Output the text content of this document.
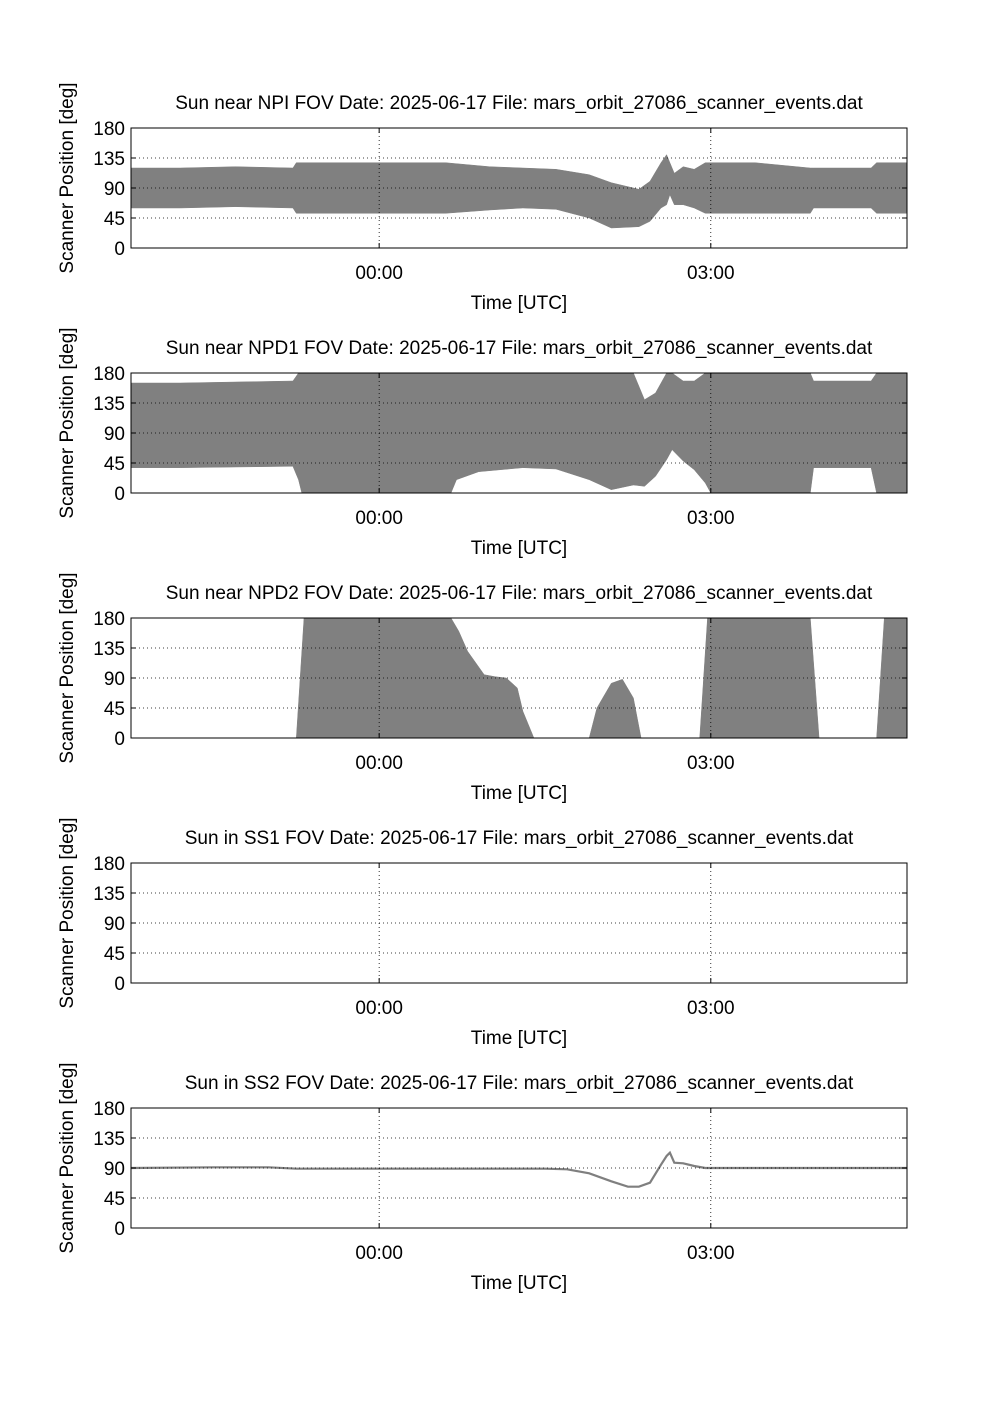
0
45
90
135
180
00:00	03:00
Sun near NPI FOV Date: 2025-06-17 File: mars_orbit_27086_scanner_events.dat
Time [UTC]
Scanner Position [deg]
0
45
90
135
180
00:00	03:00
Sun near NPD1 FOV Date: 2025-06-17 File: mars_orbit_27086_scanner_events.dat
Time [UTC]
Scanner Position [deg]
0
45
90
135
180
00:00	03:00
Sun near NPD2 FOV Date: 2025-06-17 File: mars_orbit_27086_scanner_events.dat
Time [UTC]
Scanner Position [deg]
0
45
90
135
180
00:00	03:00
Sun in SS1 FOV Date: 2025-06-17 File: mars_orbit_27086_scanner_events.dat
Time [UTC]
Scanner Position [deg]
0
45
90
135
180
00:00	03:00
Sun in SS2 FOV Date: 2025-06-17 File: mars_orbit_27086_scanner_events.dat
Time [UTC]
Scanner Position [deg]
